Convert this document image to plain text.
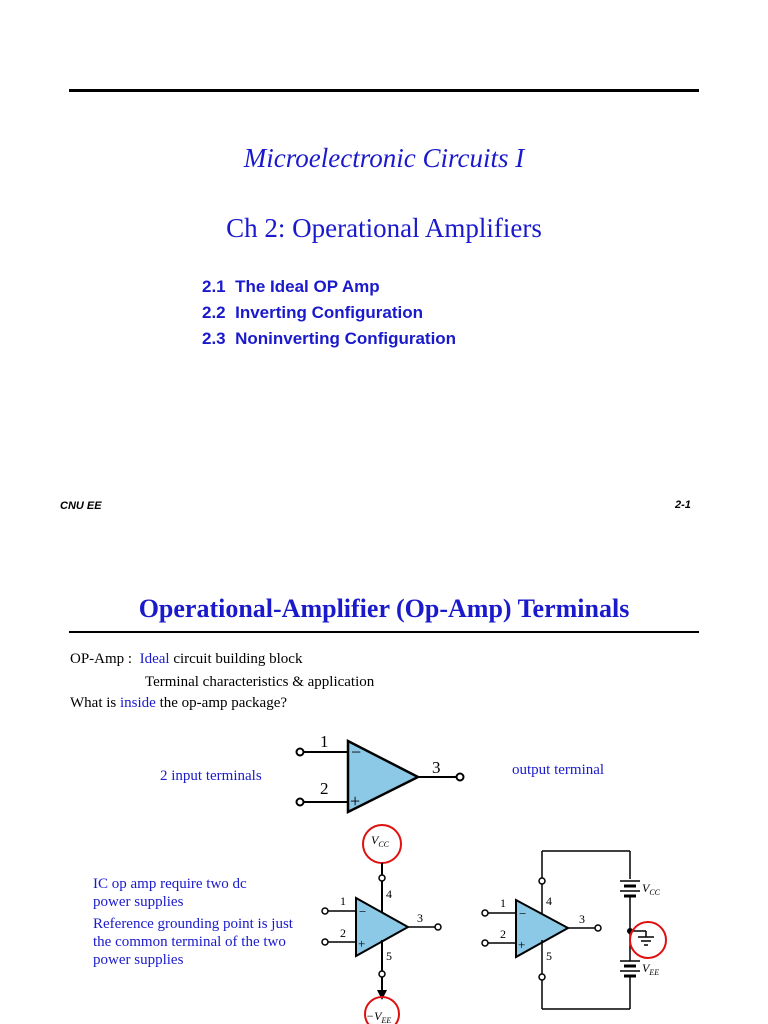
Microelectronic Circuits I
Ch 2: Operational Amplifiers
2.1 The Ideal OP Amp
2.2 Inverting Configuration
2.3 Noninverting Configuration
CNU EE	2-1
Operational-Amplifier (Op-Amp) Terminals
OP-Amp : Ideal circuit building block
Terminal characteristics & application
What is inside the op-amp package?
2 input terminals	output terminal
IC op amp require two dc power supplies
Reference grounding point is just the common terminal of the two power supplies
1
2
3
−
+
$V_{CC}$
4
1
2
3
−
+
5
$-V_{EE}$
4
1
2
3
−
+
5
$V_{CC}$
$V_{EE}$
